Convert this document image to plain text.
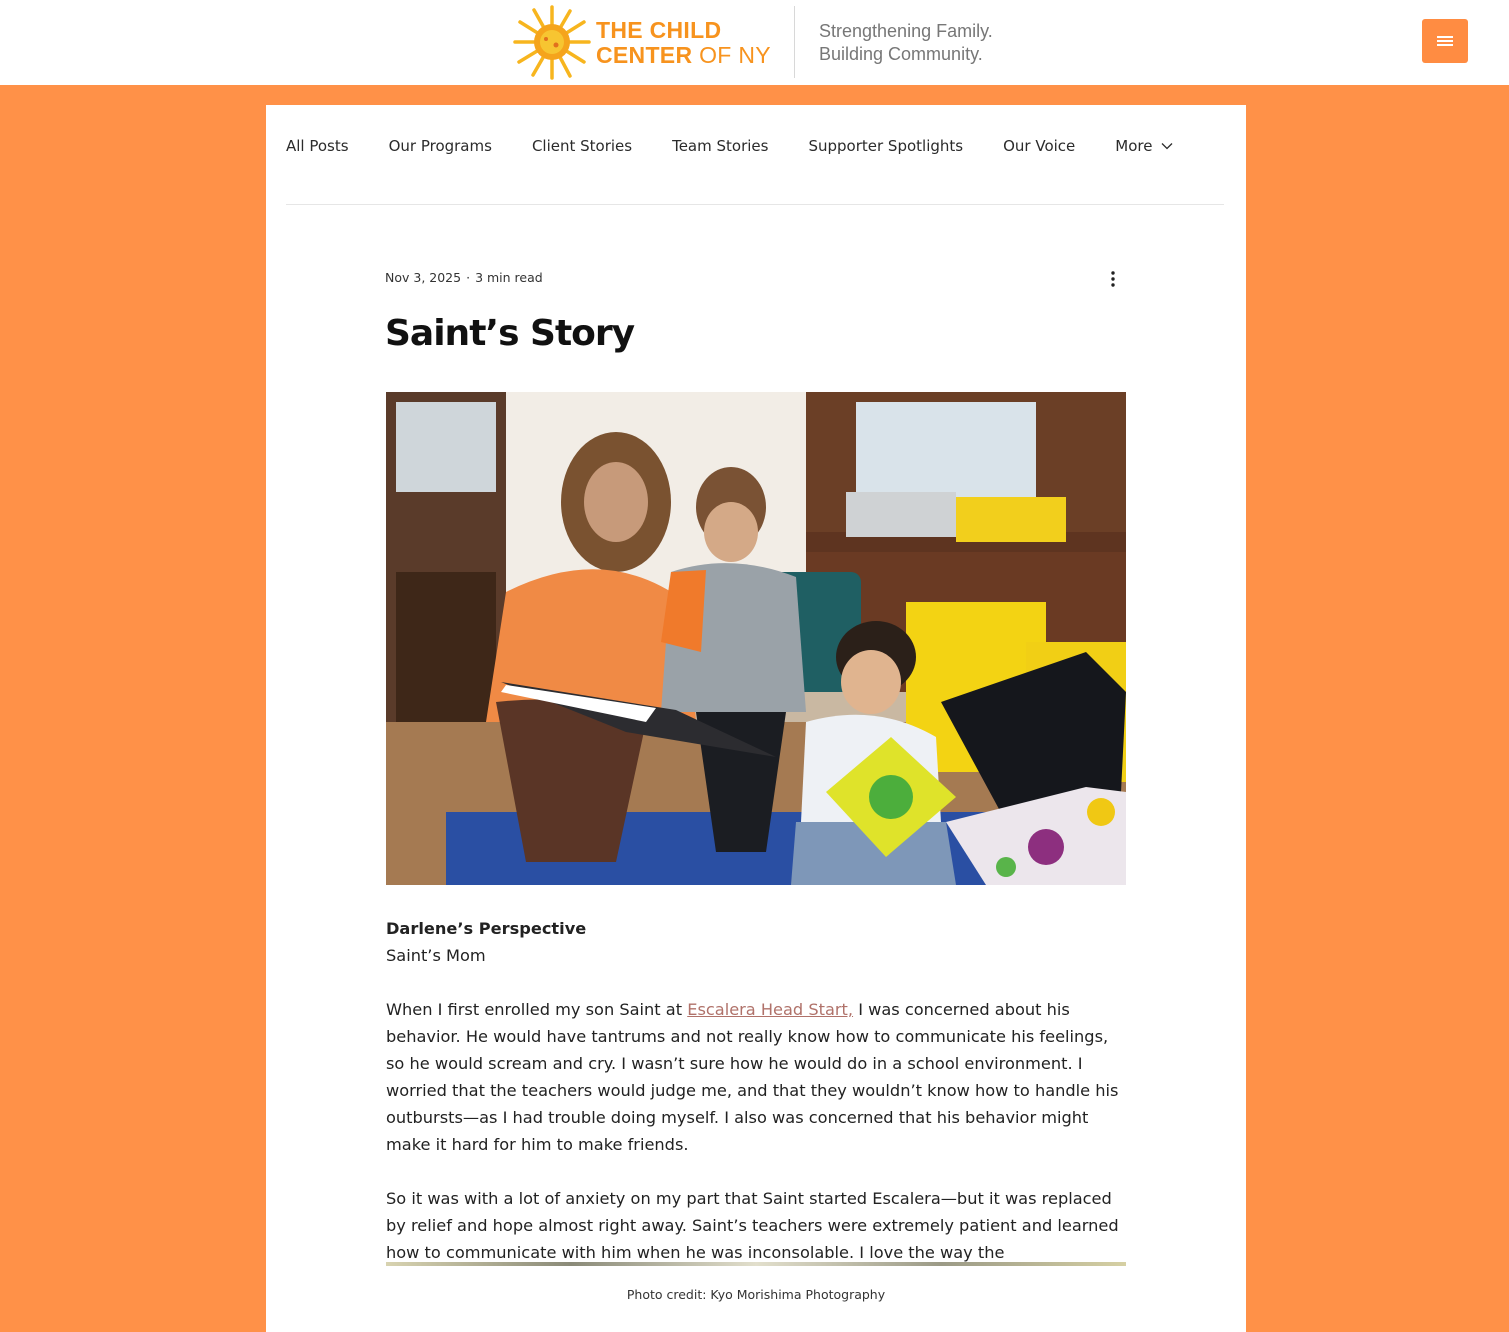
THE CHILD
CENTER OF NY
Strengthening Family.
Building Community.
All Posts	Our Programs	Client Stories	Team Stories	Supporter Spotlights	Our Voice	More
Nov 3, 2025 · 3 min read
Saint’s Story

Darlene’s Perspective

Saint’s Mom

When I first enrolled my son Saint at Escalera Head Start, I was concerned about his behavior. He would have tantrums and not really know how to communicate his feelings, so he would scream and cry. I wasn’t sure how he would do in a school environment. I worried that the teachers would judge me, and that they wouldn’t know how to handle his outbursts—as I had trouble doing myself. I also was concerned that his behavior might make it hard for him to make friends.

So it was with a lot of anxiety on my part that Saint started Escalera—but it was replaced by relief and hope almost right away. Saint’s teachers were extremely patient and learned how to communicate with him when he was inconsolable. I love the way the

Photo credit: Kyo Morishima Photography
